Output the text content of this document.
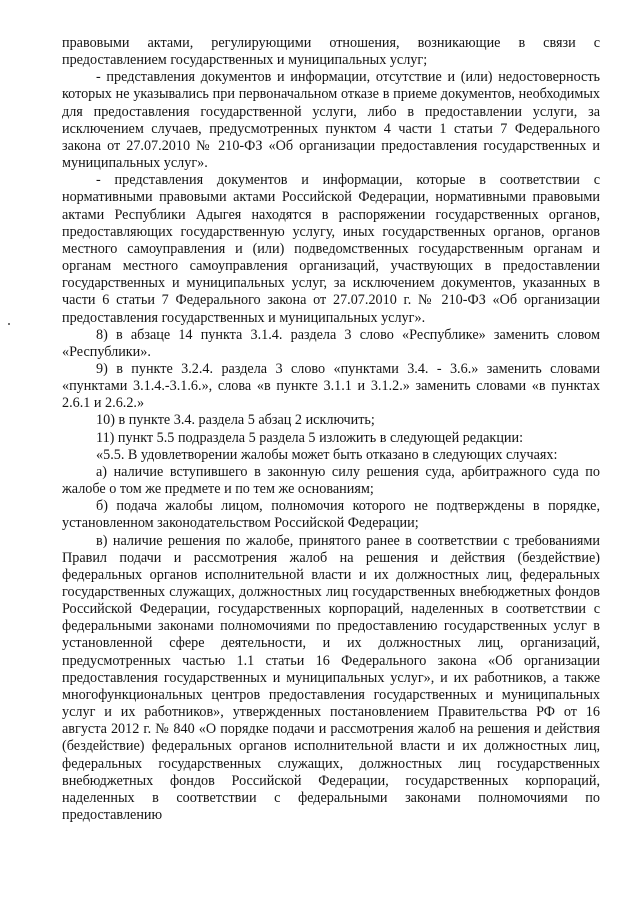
правовыми актами, регулирующими отношения, возникающие в связи с предоставлением государственных и муниципальных услуг;

- представления документов и информации, отсутствие и (или) недостоверность которых не указывались при первоначальном отказе в приеме документов, необходимых для предоставления государственной услуги, либо в предоставлении услуги, за исключением случаев, предусмотренных пунктом 4 части 1 статьи 7 Федерального закона от 27.07.2010 № 210-ФЗ «Об организации предоставления государственных и муниципальных услуг».

- представления документов и информации, которые в соответствии с нормативными правовыми актами Российской Федерации, нормативными правовыми актами Республики Адыгея находятся в распоряжении государственных органов, предоставляющих государственную услугу, иных государственных органов, органов местного самоуправления и (или) подведомственных государственным органам и органам местного самоуправления организаций, участвующих в предоставлении государственных и муниципальных услуг, за исключением документов, указанных в части 6 статьи 7 Федерального закона от 27.07.2010 г. № 210-ФЗ «Об организации предоставления государственных и муниципальных услуг».

8) в абзаце 14 пункта 3.1.4. раздела 3 слово «Республике» заменить словом «Республики».

9) в пункте 3.2.4. раздела 3 слово «пунктами 3.4. - 3.6.» заменить словами «пунктами 3.1.4.-3.1.6.», слова «в пункте 3.1.1 и 3.1.2.» заменить словами «в пунктах 2.6.1 и 2.6.2.»

10) в пункте 3.4. раздела 5 абзац 2 исключить;

11) пункт 5.5 подраздела 5 раздела 5 изложить в следующей редакции:

«5.5. В удовлетворении жалобы может быть отказано в следующих случаях:

а) наличие вступившего в законную силу решения суда, арбитражного суда по жалобе о том же предмете и по тем же основаниям;

б) подача жалобы лицом, полномочия которого не подтверждены в порядке, установленном законодательством Российской Федерации;

в) наличие решения по жалобе, принятого ранее в соответствии с требованиями Правил подачи и рассмотрения жалоб на решения и действия (бездействие) федеральных органов исполнительной власти и их должностных лиц, федеральных государственных служащих, должностных лиц государственных внебюджетных фондов Российской Федерации, государственных корпораций, наделенных в соответствии с федеральными законами полномочиями по предоставлению государственных услуг в установленной сфере деятельности, и их должностных лиц, организаций, предусмотренных частью 1.1 статьи 16 Федерального закона «Об организации предоставления государственных и муниципальных услуг», и их работников, а также многофункциональных центров предоставления государственных и муниципальных услуг и их работников», утвержденных постановлением Правительства РФ от 16 августа 2012 г. № 840 «О порядке подачи и рассмотрения жалоб на решения и действия (бездействие) федеральных органов исполнительной власти и их должностных лиц, федеральных государственных служащих, должностных лиц государственных внебюджетных фондов Российской Федерации, государственных корпораций, наделенных в соответствии с федеральными законами полномочиями по предоставлению
